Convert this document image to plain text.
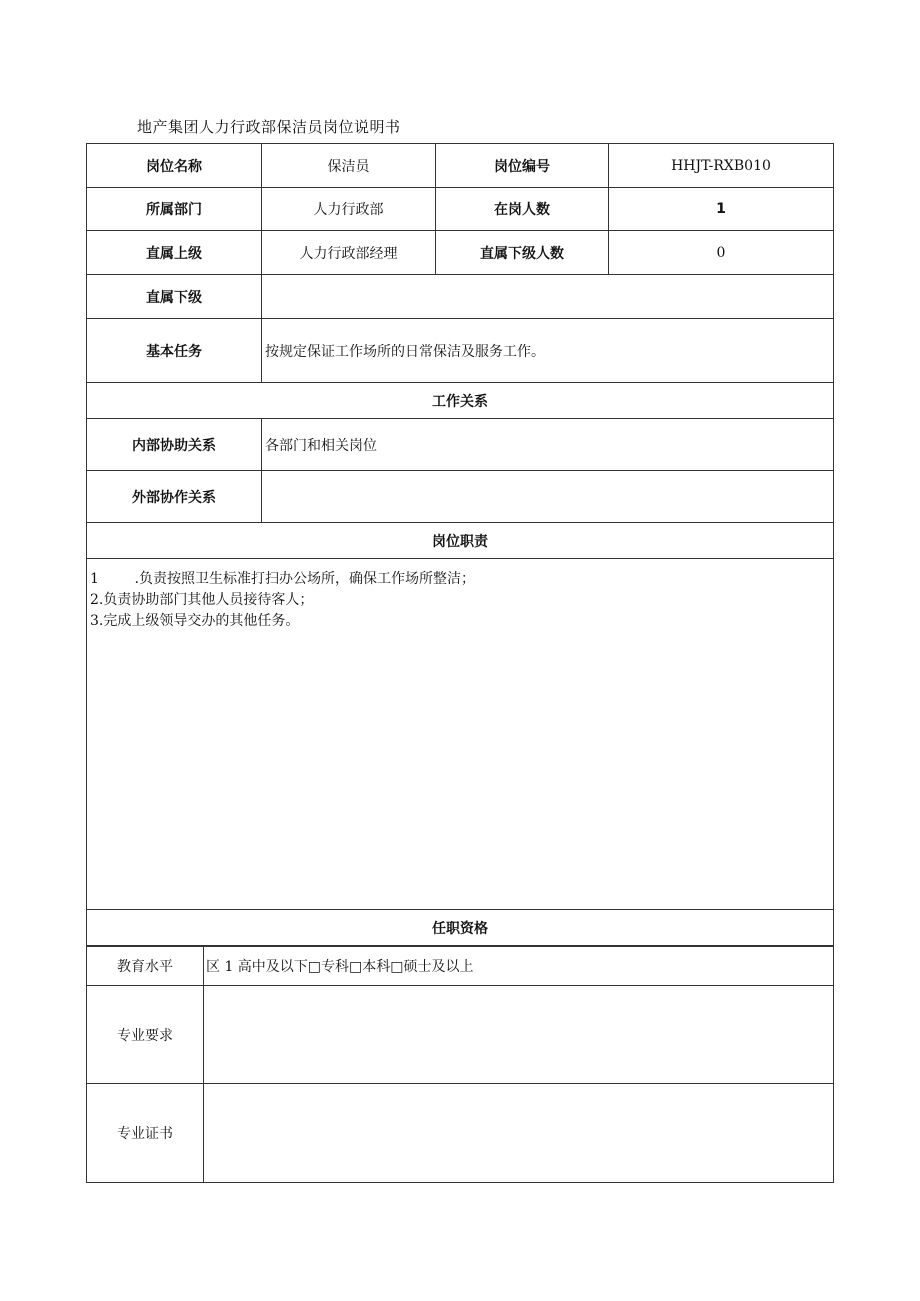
地产集团人力行政部保洁员岗位说明书
岗位名称	保洁员	岗位编号	HHJT-RXB010
所属部门	人力行政部	在岗人数	1
直属上级	人力行政部经理	直属下级人数	0
直属下级			
基本任务	按规定保证工作场所的日常保洁及服务工作。		
工作关系			
内部协助关系	各部门和相关岗位		
外部协作关系			
岗位职责			

1        .负责按照卫生标准打扫办公场所，确保工作场所整洁；
2.负责协助部门其他人员接待客人；
3.完成上级领导交办的其他任务。			

任职资格			
教育水平	区 1 高中及以下□专科□本科□硕士及以上
专业要求	
专业证书	
